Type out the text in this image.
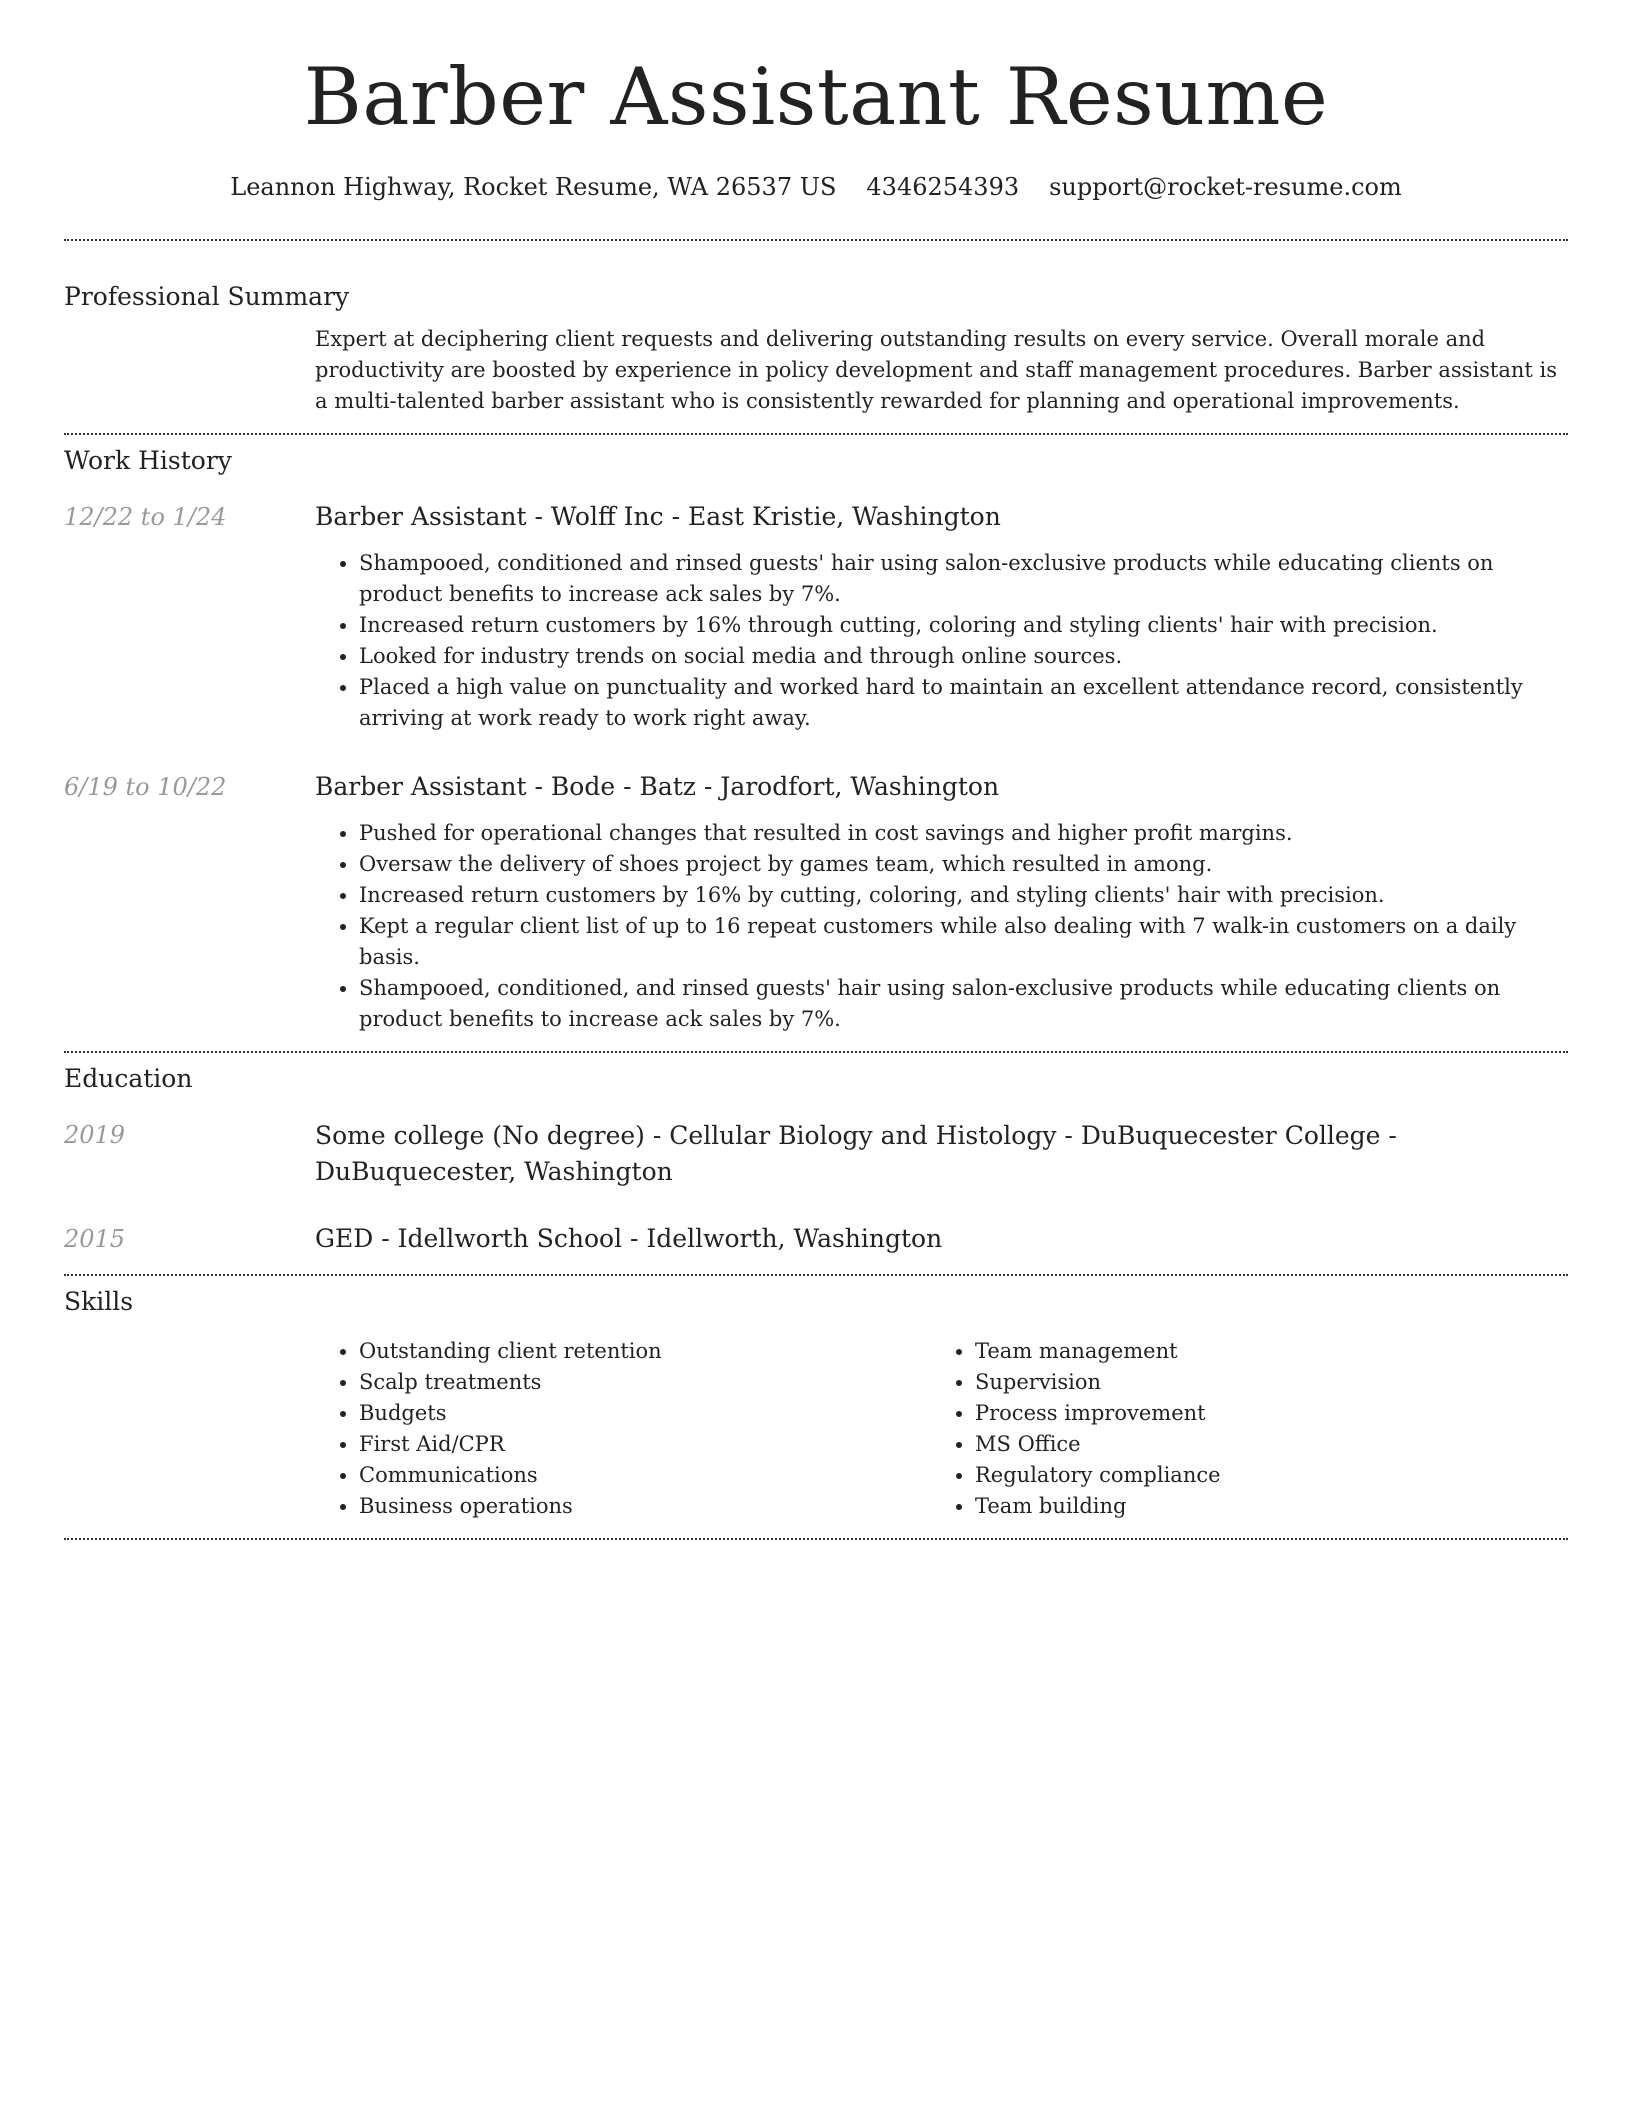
Barber Assistant Resume
Leannon Highway, Rocket Resume, WA 26537 US 4346254393 support@rocket-resume.com
Professional Summary

Expert at deciphering client requests and delivering outstanding results on every service. Overall morale and productivity are boosted by experience in policy development and staff management procedures. Barber assistant is a multi-talented barber assistant who is consistently rewarded for planning and operational improvements.

Work History
12/22 to 1/24	Barber Assistant - Wolff Inc - East Kristie, Washington

• Shampooed, conditioned and rinsed guests' hair using salon-exclusive products while educating clients on product benefits to increase ack sales by 7%.
• Increased return customers by 16% through cutting, coloring and styling clients' hair with precision.
• Looked for industry trends on social media and through online sources.
• Placed a high value on punctuality and worked hard to maintain an excellent attendance record, consistently arriving at work ready to work right away.
6/19 to 10/22	Barber Assistant - Bode - Batz - Jarodfort, Washington

• Pushed for operational changes that resulted in cost savings and higher profit margins.
• Oversaw the delivery of shoes project by games team, which resulted in among.
• Increased return customers by 16% by cutting, coloring, and styling clients' hair with precision.
• Kept a regular client list of up to 16 repeat customers while also dealing with 7 walk-in customers on a daily basis.
• Shampooed, conditioned, and rinsed guests' hair using salon-exclusive products while educating clients on product benefits to increase ack sales by 7%.
Education
2019	Some college (No degree) - Cellular Biology and Histology - DuBuquecester College - DuBuquecester, Washington

2015	GED - Idellworth School - Idellworth, Washington

Skills
• Outstanding client retention
• Scalp treatments
• Budgets
• First Aid/CPR
• Communications
• Business operations
• Team management
• Supervision
• Process improvement
• MS Office
• Regulatory compliance
• Team building
